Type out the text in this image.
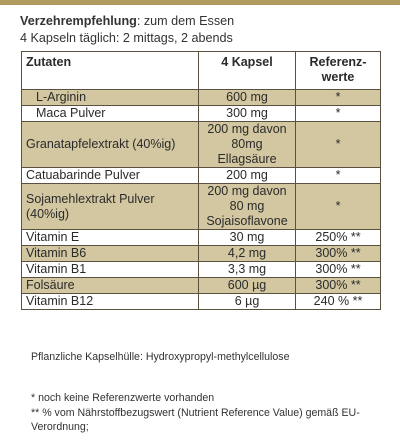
Verzehrempfehlung: zum dem Essen
4 Kapseln täglich: 2 mittags, 2 abends
Zutaten	4 Kapsel	Referenz-werte
L-Arginin	600 mg	*
Maca Pulver	300 mg	*
Granatapfelextrakt (40%ig)	200 mg davon 80mg Ellagsäure	*
Catuabarinde Pulver	200 mg	*
Sojamehlextrakt Pulver (40%ig)	200 mg davon 80 mg Sojaisoflavone	*
Vitamin E	30 mg	250% **
Vitamin B6	4,2 mg	300% **
Vitamin B1	3,3 mg	300% **
Folsäure	600 µg	300% **
Vitamin B12	6 µg	240 % **
Pflanzliche Kapselhülle: Hydroxypropyl-methylcellulose
* noch keine Referenzwerte vorhanden
** % vom Nährstoffbezugswert (Nutrient Reference Value) gemäß EU-Verordnung;
